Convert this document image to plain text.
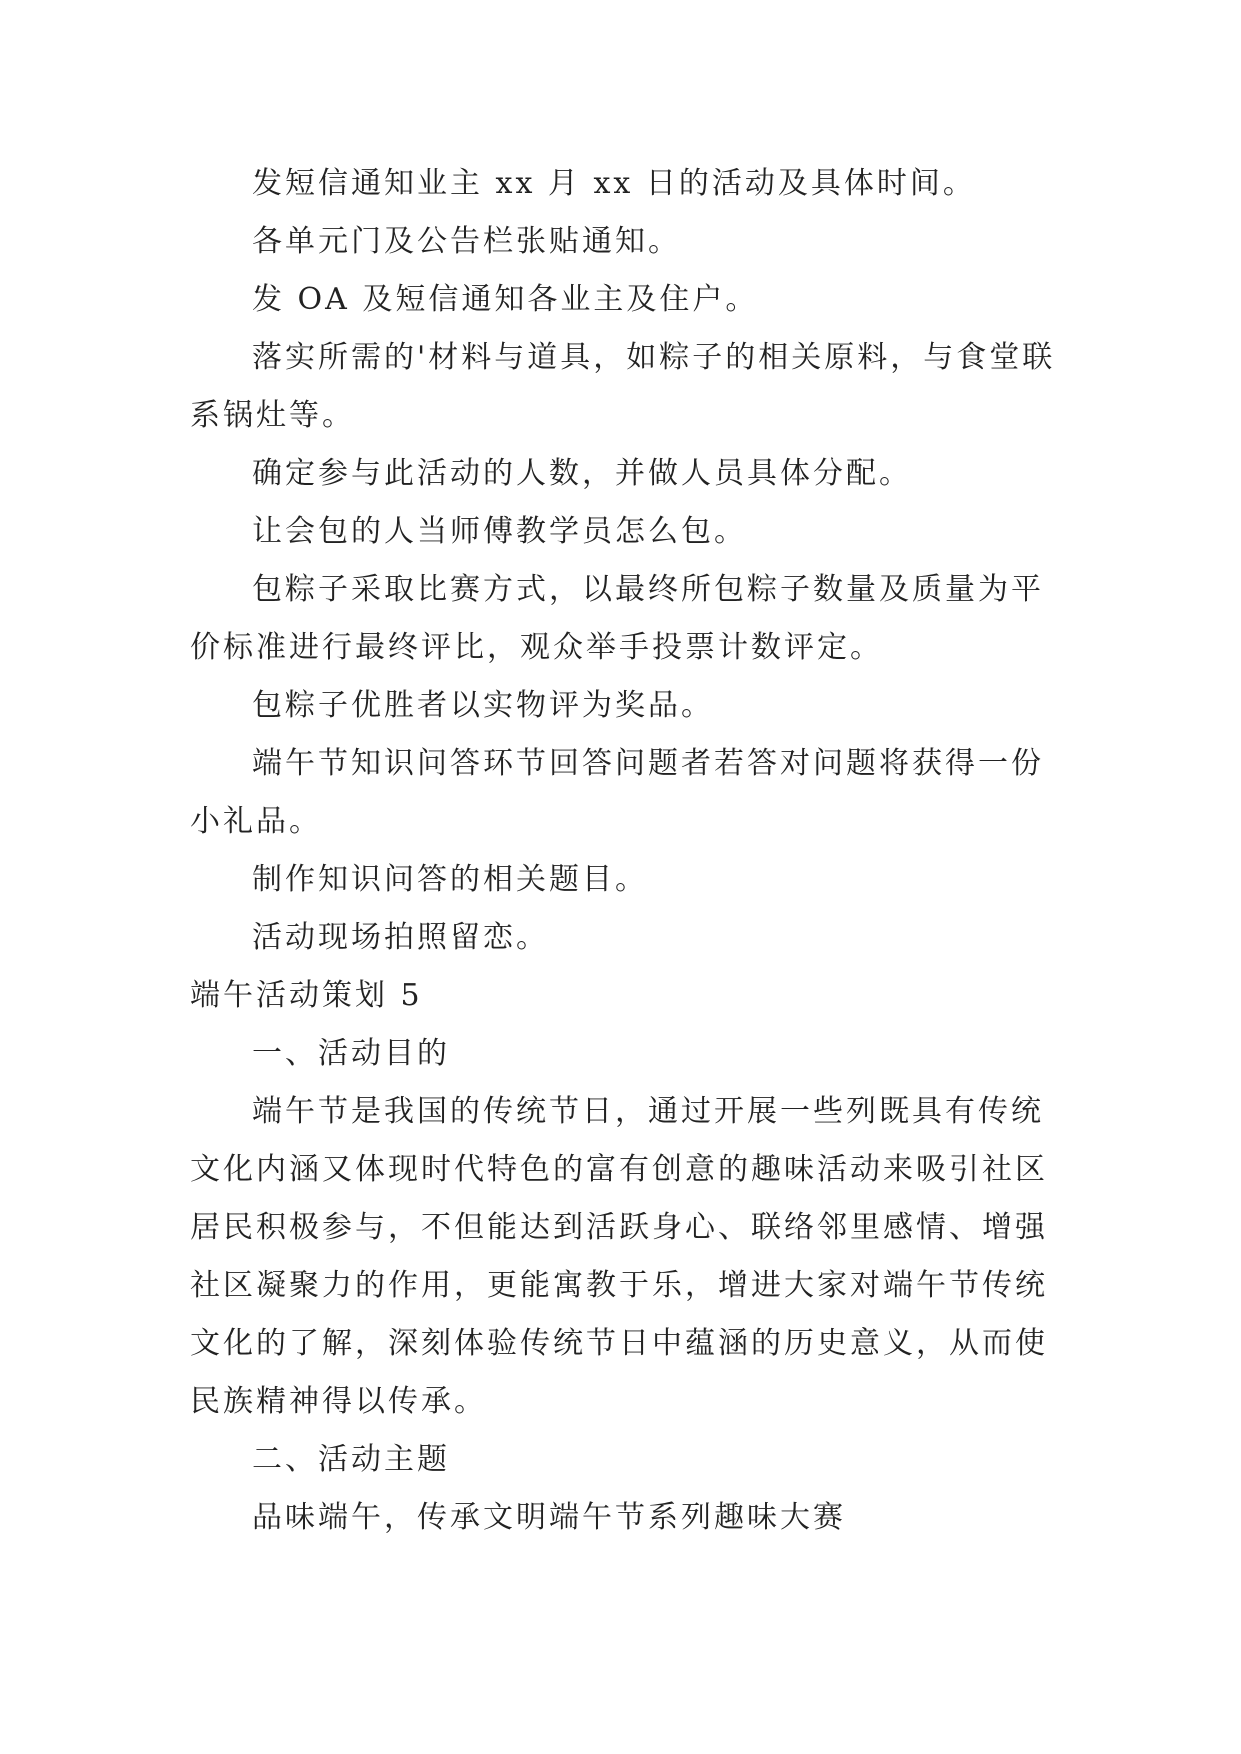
发短信通知业主 xx 月 xx 日的活动及具体时间。

各单元门及公告栏张贴通知。

发 OA 及短信通知各业主及住户。

落实所需的'材料与道具，如粽子的相关原料，与食堂联系锅灶等。

确定参与此活动的人数，并做人员具体分配。

让会包的人当师傅教学员怎么包。

包粽子采取比赛方式，以最终所包粽子数量及质量为平价标准进行最终评比，观众举手投票计数评定。

包粽子优胜者以实物评为奖品。

端午节知识问答环节回答问题者若答对问题将获得一份小礼品。

制作知识问答的相关题目。

活动现场拍照留恋。

端午活动策划 5

一、活动目的

端午节是我国的传统节日，通过开展一些列既具有传统文化内涵又体现时代特色的富有创意的趣味活动来吸引社区居民积极参与，不但能达到活跃身心、联络邻里感情、增强社区凝聚力的作用，更能寓教于乐，增进大家对端午节传统文化的了解，深刻体验传统节日中蕴涵的历史意义，从而使民族精神得以传承。

二、活动主题

品味端午，传承文明端午节系列趣味大赛
